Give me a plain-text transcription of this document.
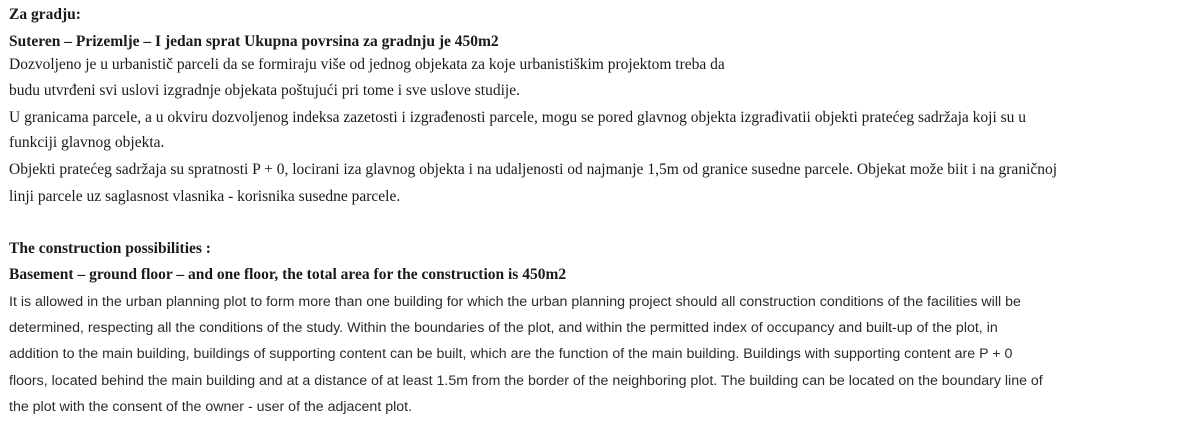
Za gradju:
Suteren – Prizemlje – I jedan sprat Ukupna povrsina za gradnju je 450m2
Dozvoljeno je u urbanistič parceli da se formiraju više od jednog objekata za koje urbanistiškim projektom treba da
budu utvrđeni svi uslovi izgradnje objekata poštujući pri tome i sve uslove studije.
U granicama parcele, a u okviru dozvoljenog indeksa zazetosti i izgrađenosti parcele, mogu se pored glavnog objekta izgrađivatii objekti pratećeg sadržaja koji su u
funkciji glavnog objekta.
Objekti pratećeg sadržaja su spratnosti P + 0, locirani iza glavnog objekta i na udaljenosti od najmanje 1,5m od granice susedne parcele. Objekat može biit i na graničnoj
linji parcele uz saglasnost vlasnika - korisnika susedne parcele.
The construction possibilities :
Basement – ground floor – and one floor, the total area for the construction is 450m2
It is allowed in the urban planning plot to form more than one building for which the urban planning project should all construction conditions of the facilities will be
determined, respecting all the conditions of the study. Within the boundaries of the plot, and within the permitted index of occupancy and built-up of the plot, in
addition to the main building, buildings of supporting content can be built, which are the function of the main building. Buildings with supporting content are P + 0
floors, located behind the main building and at a distance of at least 1.5m from the border of the neighboring plot. The building can be located on the boundary line of
the plot with the consent of the owner - user of the adjacent plot.
